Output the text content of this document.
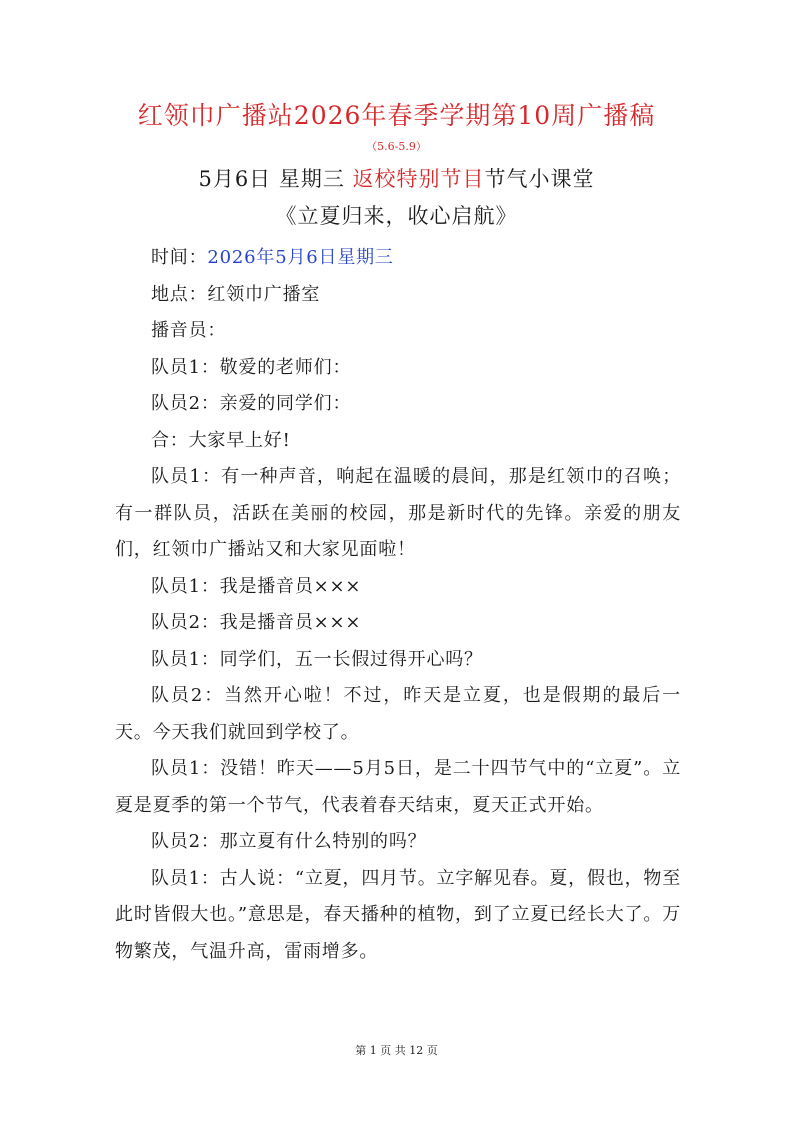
红领巾广播站2026年春季学期第10周广播稿
（5.6-5.9）
5月6日 星期三 返校特别节目节气小课堂
《立夏归来，收心启航》

时间：2026年5月6日星期三

地点：红领巾广播室

播音员：

队员1：敬爱的老师们：

队员2：亲爱的同学们：

合：大家早上好!

队员1：有一种声音，响起在温暖的晨间，那是红领巾的召唤；有一群队员，活跃在美丽的校园，那是新时代的先锋。亲爱的朋友们，红领巾广播站又和大家见面啦！

队员1：我是播音员×××

队员2：我是播音员×××

队员1：同学们，五一长假过得开心吗？

队员2：当然开心啦！不过，昨天是立夏，也是假期的最后一天。今天我们就回到学校了。

队员1：没错！昨天——5月5日，是二十四节气中的“立夏”。立夏是夏季的第一个节气，代表着春天结束，夏天正式开始。

队员2：那立夏有什么特别的吗？

队员1：古人说：“立夏，四月节。立字解见春。夏，假也，物至此时皆假大也。”意思是，春天播种的植物，到了立夏已经长大了。万物繁茂，气温升高，雷雨增多。

第 1 页 共 12 页
